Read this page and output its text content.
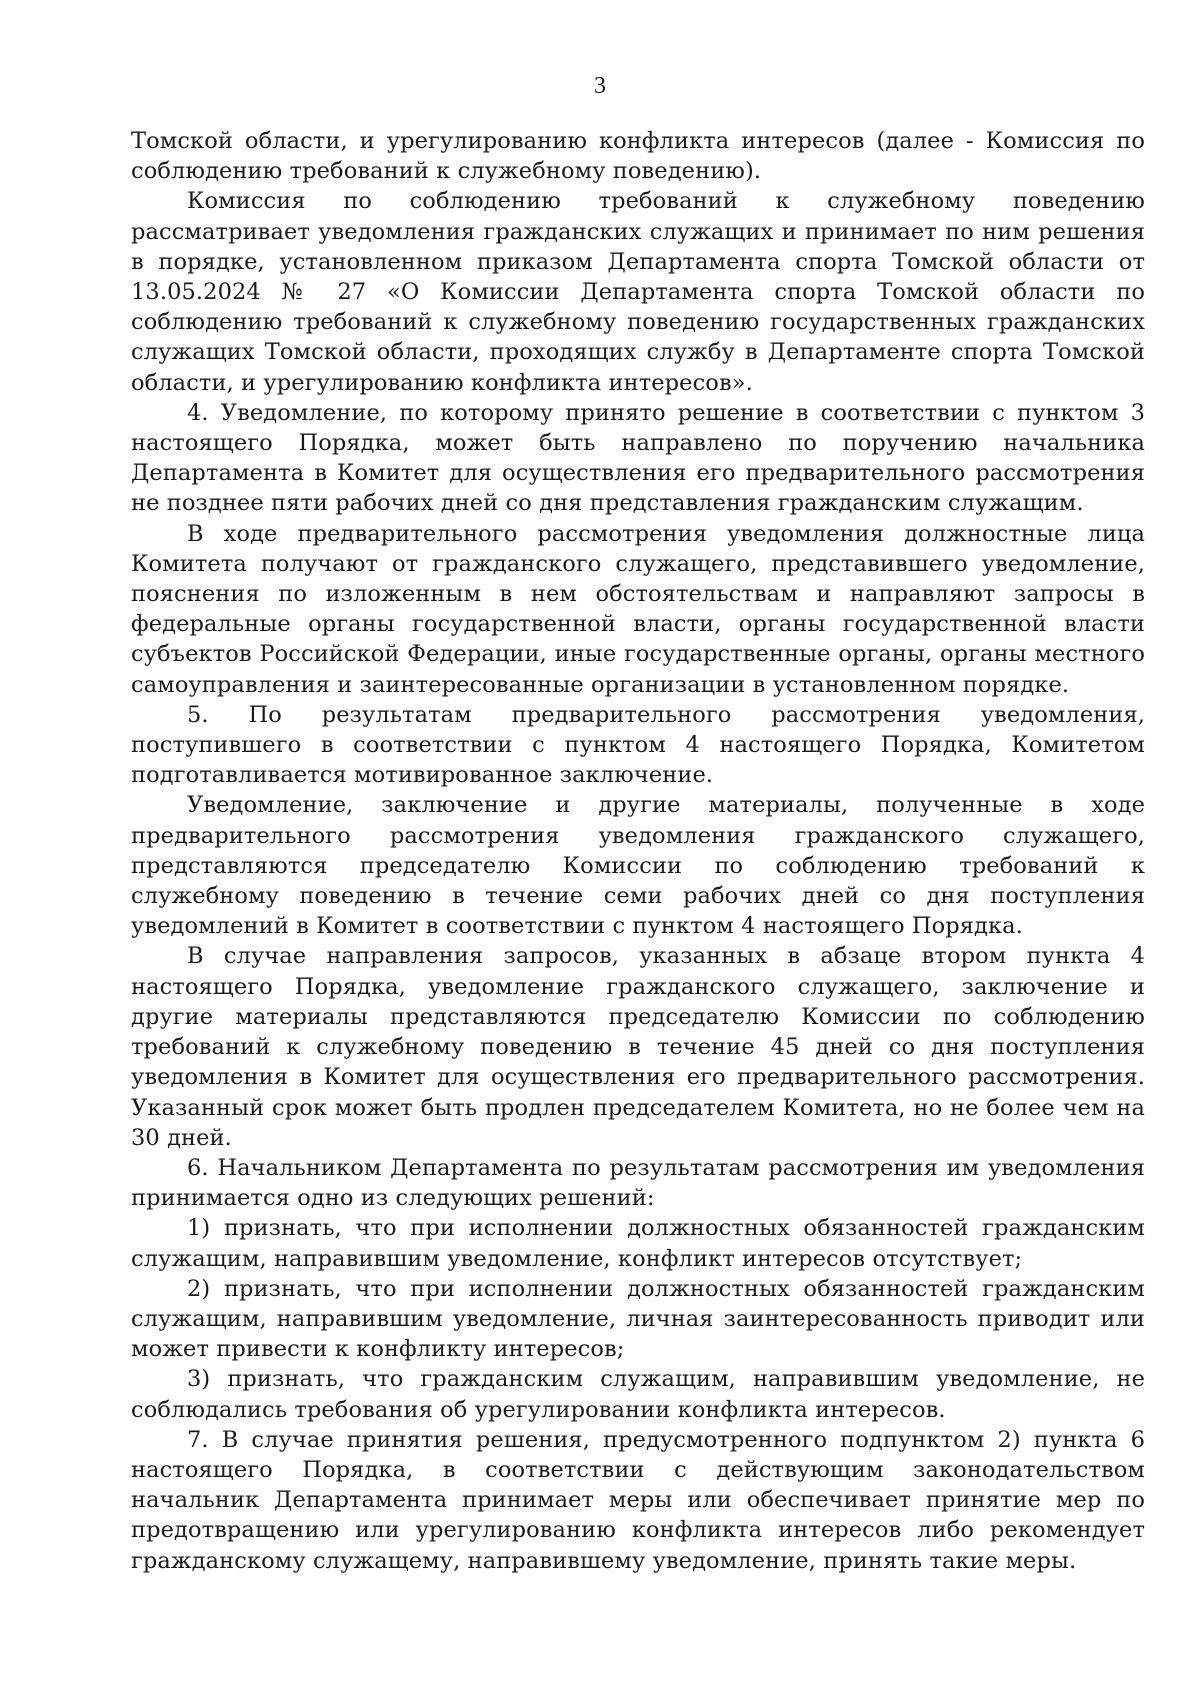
3

Томской области, и урегулированию конфликта интересов (далее - Комиссия по соблюдению требований к служебному поведению).

Комиссия по соблюдению требований к служебному поведению рассматривает уведомления гражданских служащих и принимает по ним решения в порядке, установленном приказом Департамента спорта Томской области от 13.05.2024 № 27 «О Комиссии Департамента спорта Томской области по соблюдению требований к служебному поведению государственных гражданских служащих Томской области, проходящих службу в Департаменте спорта Томской области, и урегулированию конфликта интересов».

4. Уведомление, по которому принято решение в соответствии с пунктом 3 настоящего Порядка, может быть направлено по поручению начальника Департамента в Комитет для осуществления его предварительного рассмотрения не позднее пяти рабочих дней со дня представления гражданским служащим.

В ходе предварительного рассмотрения уведомления должностные лица Комитета получают от гражданского служащего, представившего уведомление, пояснения по изложенным в нем обстоятельствам и направляют запросы в федеральные органы государственной власти, органы государственной власти субъектов Российской Федерации, иные государственные органы, органы местного самоуправления и заинтересованные организации в установленном порядке.

5. По результатам предварительного рассмотрения уведомления, поступившего в соответствии с пунктом 4 настоящего Порядка, Комитетом подготавливается мотивированное заключение.

Уведомление, заключение и другие материалы, полученные в ходе предварительного рассмотрения уведомления гражданского служащего, представляются председателю Комиссии по соблюдению требований к служебному поведению в течение семи рабочих дней со дня поступления уведомлений в Комитет в соответствии с пунктом 4 настоящего Порядка.

В случае направления запросов, указанных в абзаце втором пункта 4 настоящего Порядка, уведомление гражданского служащего, заключение и другие материалы представляются председателю Комиссии по соблюдению требований к служебному поведению в течение 45 дней со дня поступления уведомления в Комитет для осуществления его предварительного рассмотрения. Указанный срок может быть продлен председателем Комитета, но не более чем на 30 дней.

6. Начальником Департамента по результатам рассмотрения им уведомления принимается одно из следующих решений:

1) признать, что при исполнении должностных обязанностей гражданским служащим, направившим уведомление, конфликт интересов отсутствует;

2) признать, что при исполнении должностных обязанностей гражданским служащим, направившим уведомление, личная заинтересованность приводит или может привести к конфликту интересов;

3) признать, что гражданским служащим, направившим уведомление, не соблюдались требования об урегулировании конфликта интересов.

7. В случае принятия решения, предусмотренного подпунктом 2) пункта 6 настоящего Порядка, в соответствии с действующим законодательством начальник Департамента принимает меры или обеспечивает принятие мер по предотвращению или урегулированию конфликта интересов либо рекомендует гражданскому служащему, направившему уведомление, принять такие меры.
